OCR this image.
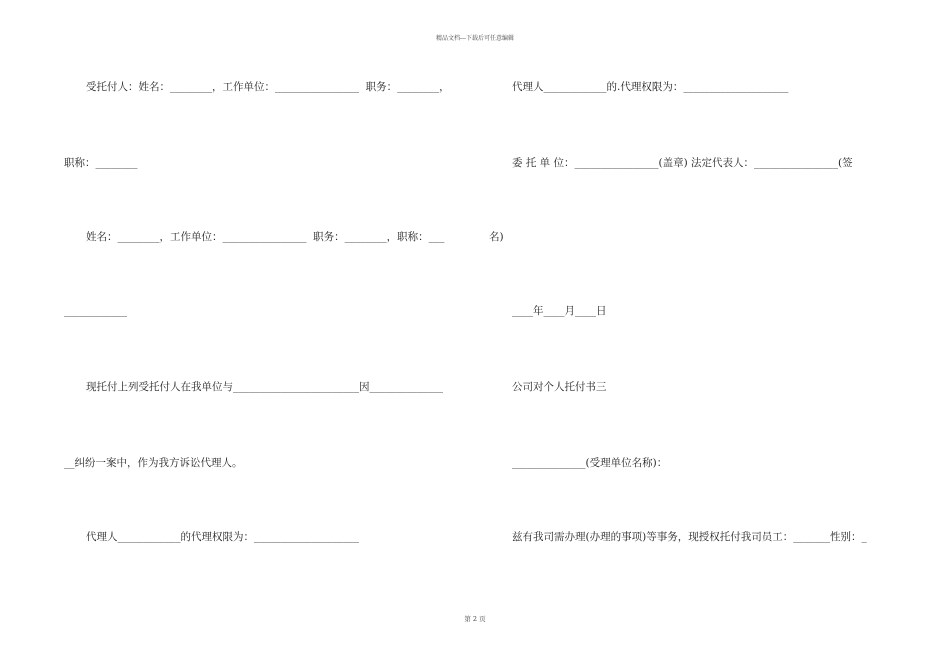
精品文档---下载后可任意编辑
受托付人：姓名：________，工作单位：________________  职务：________，
职称：________
姓名：________，工作单位：________________  职务：________，职称：___
____________
现托付上列受托付人在我单位与________________________因______________
__纠纷一案中，作为我方诉讼代理人。
代理人____________的代理权限为：____________________
代理人____________的.代理权限为：____________________
委 托 单 位：________________(盖章) 法定代表人：________________(签
名)
____年____月____日
公司对个人托付书三
______________(受理单位名称)：
兹有我司需办理(办理的事项)等事务，现授权托付我司员工：_______性别：_
第 2 页
